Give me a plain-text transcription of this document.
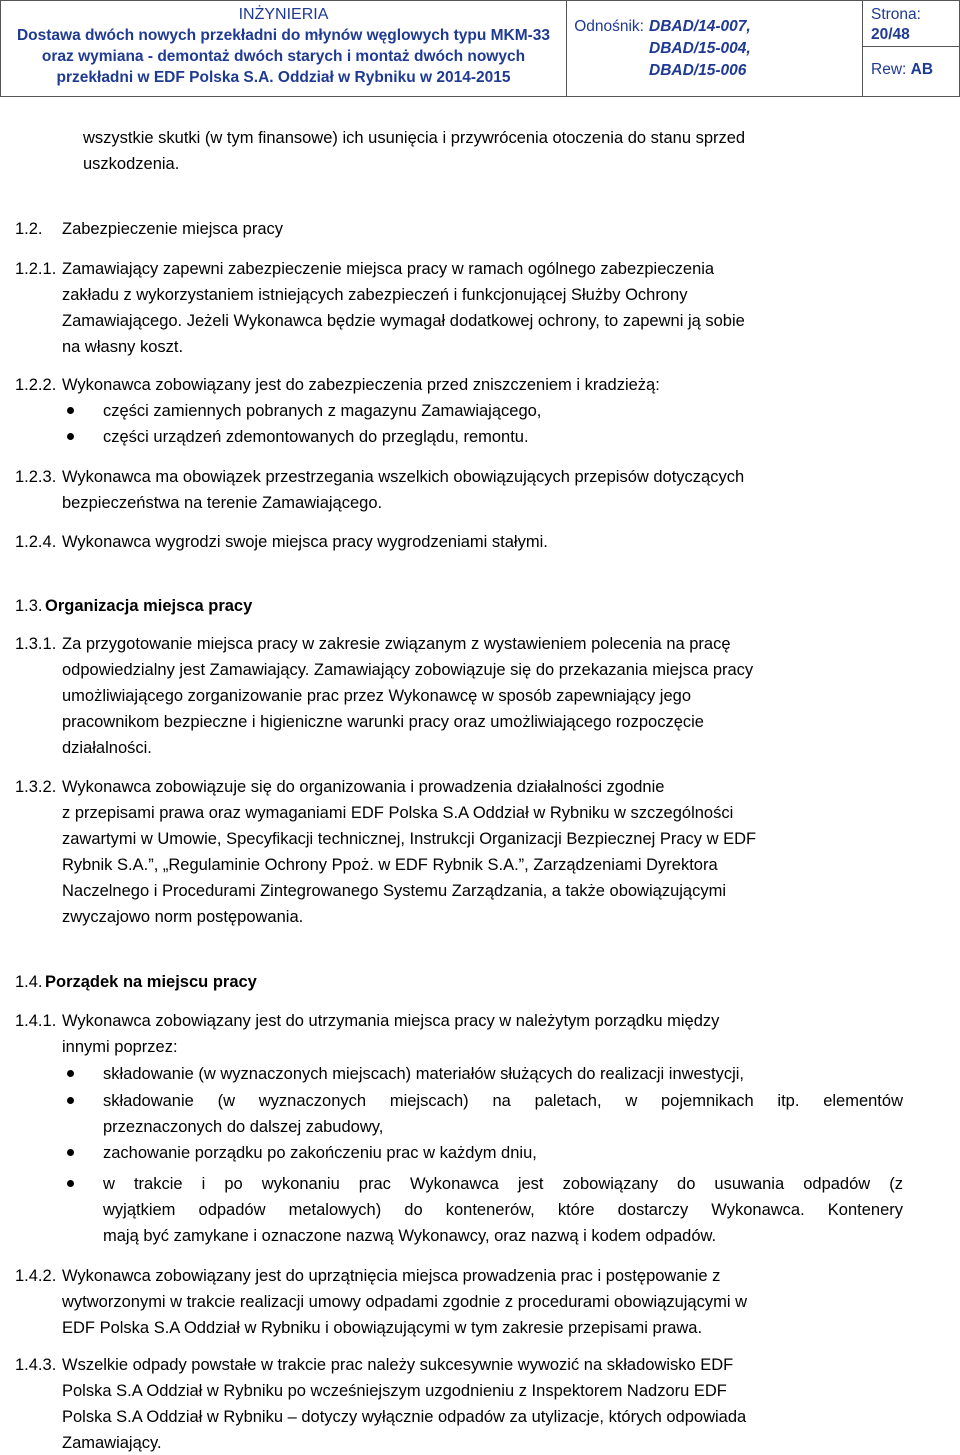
INŻYNIERIA
Dostawa dwóch nowych przekładni do młynów węglowych typu MKM-33
oraz wymiana - demontaż dwóch starych i montaż dwóch nowych
przekładni w EDF Polska S.A. Oddział w Rybniku w 2014-2015

Odnośnik: DBAD/14-007,
DBAD/15-004,
DBAD/15-006

Strona:
20/48
Rew: AB
wszystkie skutki (w tym finansowe) ich usunięcia i przywrócenia otoczenia do stanu sprzed
uszkodzenia.
1.2. Zabezpieczenie miejsca pracy
1.2.1. Zamawiający zapewni zabezpieczenie miejsca pracy w ramach ogólnego zabezpieczenia
zakładu z wykorzystaniem istniejących zabezpieczeń i funkcjonującej Służby Ochrony
Zamawiającego. Jeżeli Wykonawca będzie wymagał dodatkowej ochrony, to zapewni ją sobie
na własny koszt.
1.2.2. Wykonawca zobowiązany jest do zabezpieczenia przed zniszczeniem i kradzieżą:
części zamiennych pobranych z magazynu Zamawiającego,
części urządzeń zdemontowanych do przeglądu, remontu.
1.2.3. Wykonawca ma obowiązek przestrzegania wszelkich obowiązujących przepisów dotyczących
bezpieczeństwa na terenie Zamawiającego.
1.2.4. Wykonawca wygrodzi swoje miejsca pracy wygrodzeniami stałymi.
1.3. Organizacja miejsca pracy
1.3.1. Za przygotowanie miejsca pracy w zakresie związanym z wystawieniem polecenia na pracę
odpowiedzialny jest Zamawiający. Zamawiający zobowiązuje się do przekazania miejsca pracy
umożliwiającego zorganizowanie prac przez Wykonawcę w sposób zapewniający jego
pracownikom bezpieczne i higieniczne warunki pracy oraz umożliwiającego rozpoczęcie
działalności.
1.3.2. Wykonawca zobowiązuje się do organizowania i prowadzenia działalności zgodnie
z przepisami prawa oraz wymaganiami EDF Polska S.A Oddział w Rybniku w szczególności
zawartymi w Umowie, Specyfikacji technicznej, Instrukcji Organizacji Bezpiecznej Pracy w EDF
Rybnik S.A.”, „Regulaminie Ochrony Ppoż. w EDF Rybnik S.A.”, Zarządzeniami Dyrektora
Naczelnego i Procedurami Zintegrowanego Systemu Zarządzania, a także obowiązującymi
zwyczajowo norm postępowania.
1.4. Porządek na miejscu pracy
1.4.1. Wykonawca zobowiązany jest do utrzymania miejsca pracy w należytym porządku między
innymi poprzez:
składowanie (w wyznaczonych miejscach) materiałów służących do realizacji inwestycji,
składowanie (w wyznaczonych miejscach) na paletach, w pojemnikach itp. elementów
przeznaczonych do dalszej zabudowy,
zachowanie porządku po zakończeniu prac w każdym dniu,
w trakcie i po wykonaniu prac Wykonawca jest zobowiązany do usuwania odpadów (z
wyjątkiem odpadów metalowych) do kontenerów, które dostarczy Wykonawca. Kontenery
mają być zamykane i oznaczone nazwą Wykonawcy, oraz nazwą i kodem odpadów.
1.4.2. Wykonawca zobowiązany jest do uprzątnięcia miejsca prowadzenia prac i postępowanie z
wytworzonymi w trakcie realizacji umowy odpadami zgodnie z procedurami obowiązującymi w
EDF Polska S.A Oddział w Rybniku i obowiązującymi w tym zakresie przepisami prawa.
1.4.3. Wszelkie odpady powstałe w trakcie prac należy sukcesywnie wywozić na składowisko EDF
Polska S.A Oddział w Rybniku po wcześniejszym uzgodnieniu z Inspektorem Nadzoru EDF
Polska S.A Oddział w Rybniku – dotyczy wyłącznie odpadów za utylizacje, których odpowiada
Zamawiający.
